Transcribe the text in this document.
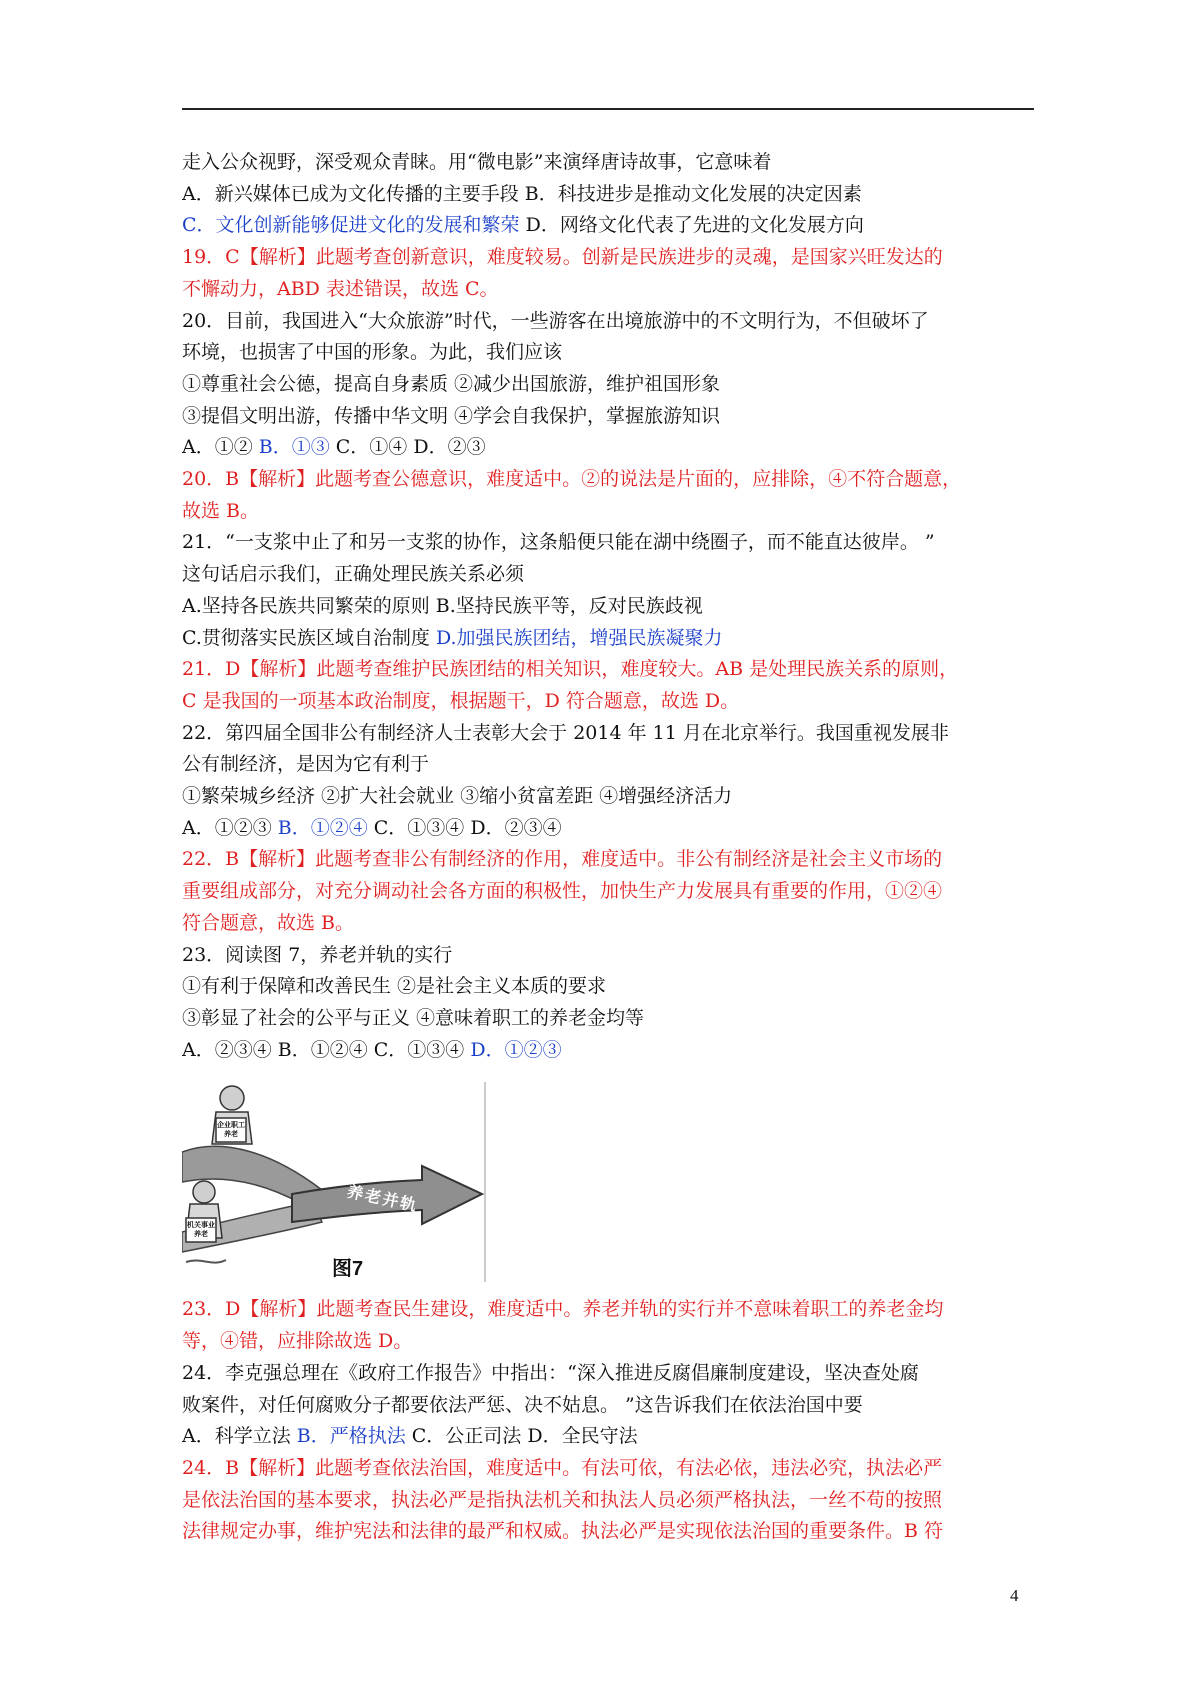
走入公众视野，深受观众青睐。用“微电影”来演绎唐诗故事，它意味着
A．新兴媒体已成为文化传播的主要手段 B．科技进步是推动文化发展的决定因素
C．文化创新能够促进文化的发展和繁荣 D．网络文化代表了先进的文化发展方向
19．C【解析】此题考查创新意识，难度较易。创新是民族进步的灵魂，是国家兴旺发达的
不懈动力，ABD 表述错误，故选 C。
20．目前，我国进入“大众旅游”时代，一些游客在出境旅游中的不文明行为，不但破坏了
环境，也损害了中国的形象。为此，我们应该
①尊重社会公德，提高自身素质 ②减少出国旅游，维护祖国形象
③提倡文明出游，传播中华文明 ④学会自我保护，掌握旅游知识
A．①② B．①③ C．①④ D．②③
20．B【解析】此题考查公德意识，难度适中。②的说法是片面的，应排除，④不符合题意，
故选 B。
21．“一支浆中止了和另一支浆的协作，这条船便只能在湖中绕圈子，而不能直达彼岸。 ”
这句话启示我们，正确处理民族关系必须
A.坚持各民族共同繁荣的原则 B.坚持民族平等，反对民族歧视
C.贯彻落实民族区域自治制度 D.加强民族团结，增强民族凝聚力
21．D【解析】此题考查维护民族团结的相关知识，难度较大。AB 是处理民族关系的原则，
C 是我国的一项基本政治制度，根据题干，D 符合题意，故选 D。
22．第四届全国非公有制经济人士表彰大会于 2014 年 11 月在北京举行。我国重视发展非
公有制经济，是因为它有利于
①繁荣城乡经济 ②扩大社会就业 ③缩小贫富差距 ④增强经济活力
A．①②③ B．①②④ C．①③④ D．②③④
22．B【解析】此题考查非公有制经济的作用，难度适中。非公有制经济是社会主义市场的
重要组成部分，对充分调动社会各方面的积极性，加快生产力发展具有重要的作用，①②④
符合题意，故选 B。
23．阅读图 7，养老并轨的实行
①有利于保障和改善民生 ②是社会主义本质的要求
③彰显了社会的公平与正义 ④意味着职工的养老金均等
A．②③④ B．①②④ C．①③④ D．①②③
企业职工养老
机关事业养老
养老并轨
图7
23．D【解析】此题考查民生建设，难度适中。养老并轨的实行并不意味着职工的养老金均
等，④错，应排除故选 D。
24．李克强总理在《政府工作报告》中指出：“深入推进反腐倡廉制度建设，坚决查处腐
败案件，对任何腐败分子都要依法严惩、决不姑息。 ”这告诉我们在依法治国中要
A．科学立法 B．严格执法 C．公正司法 D．全民守法
24．B【解析】此题考查依法治国，难度适中。有法可依，有法必依，违法必究，执法必严
是依法治国的基本要求，执法必严是指执法机关和执法人员必须严格执法，一丝不苟的按照
法律规定办事，维护宪法和法律的最严和权威。执法必严是实现依法治国的重要条件。B 符
4
